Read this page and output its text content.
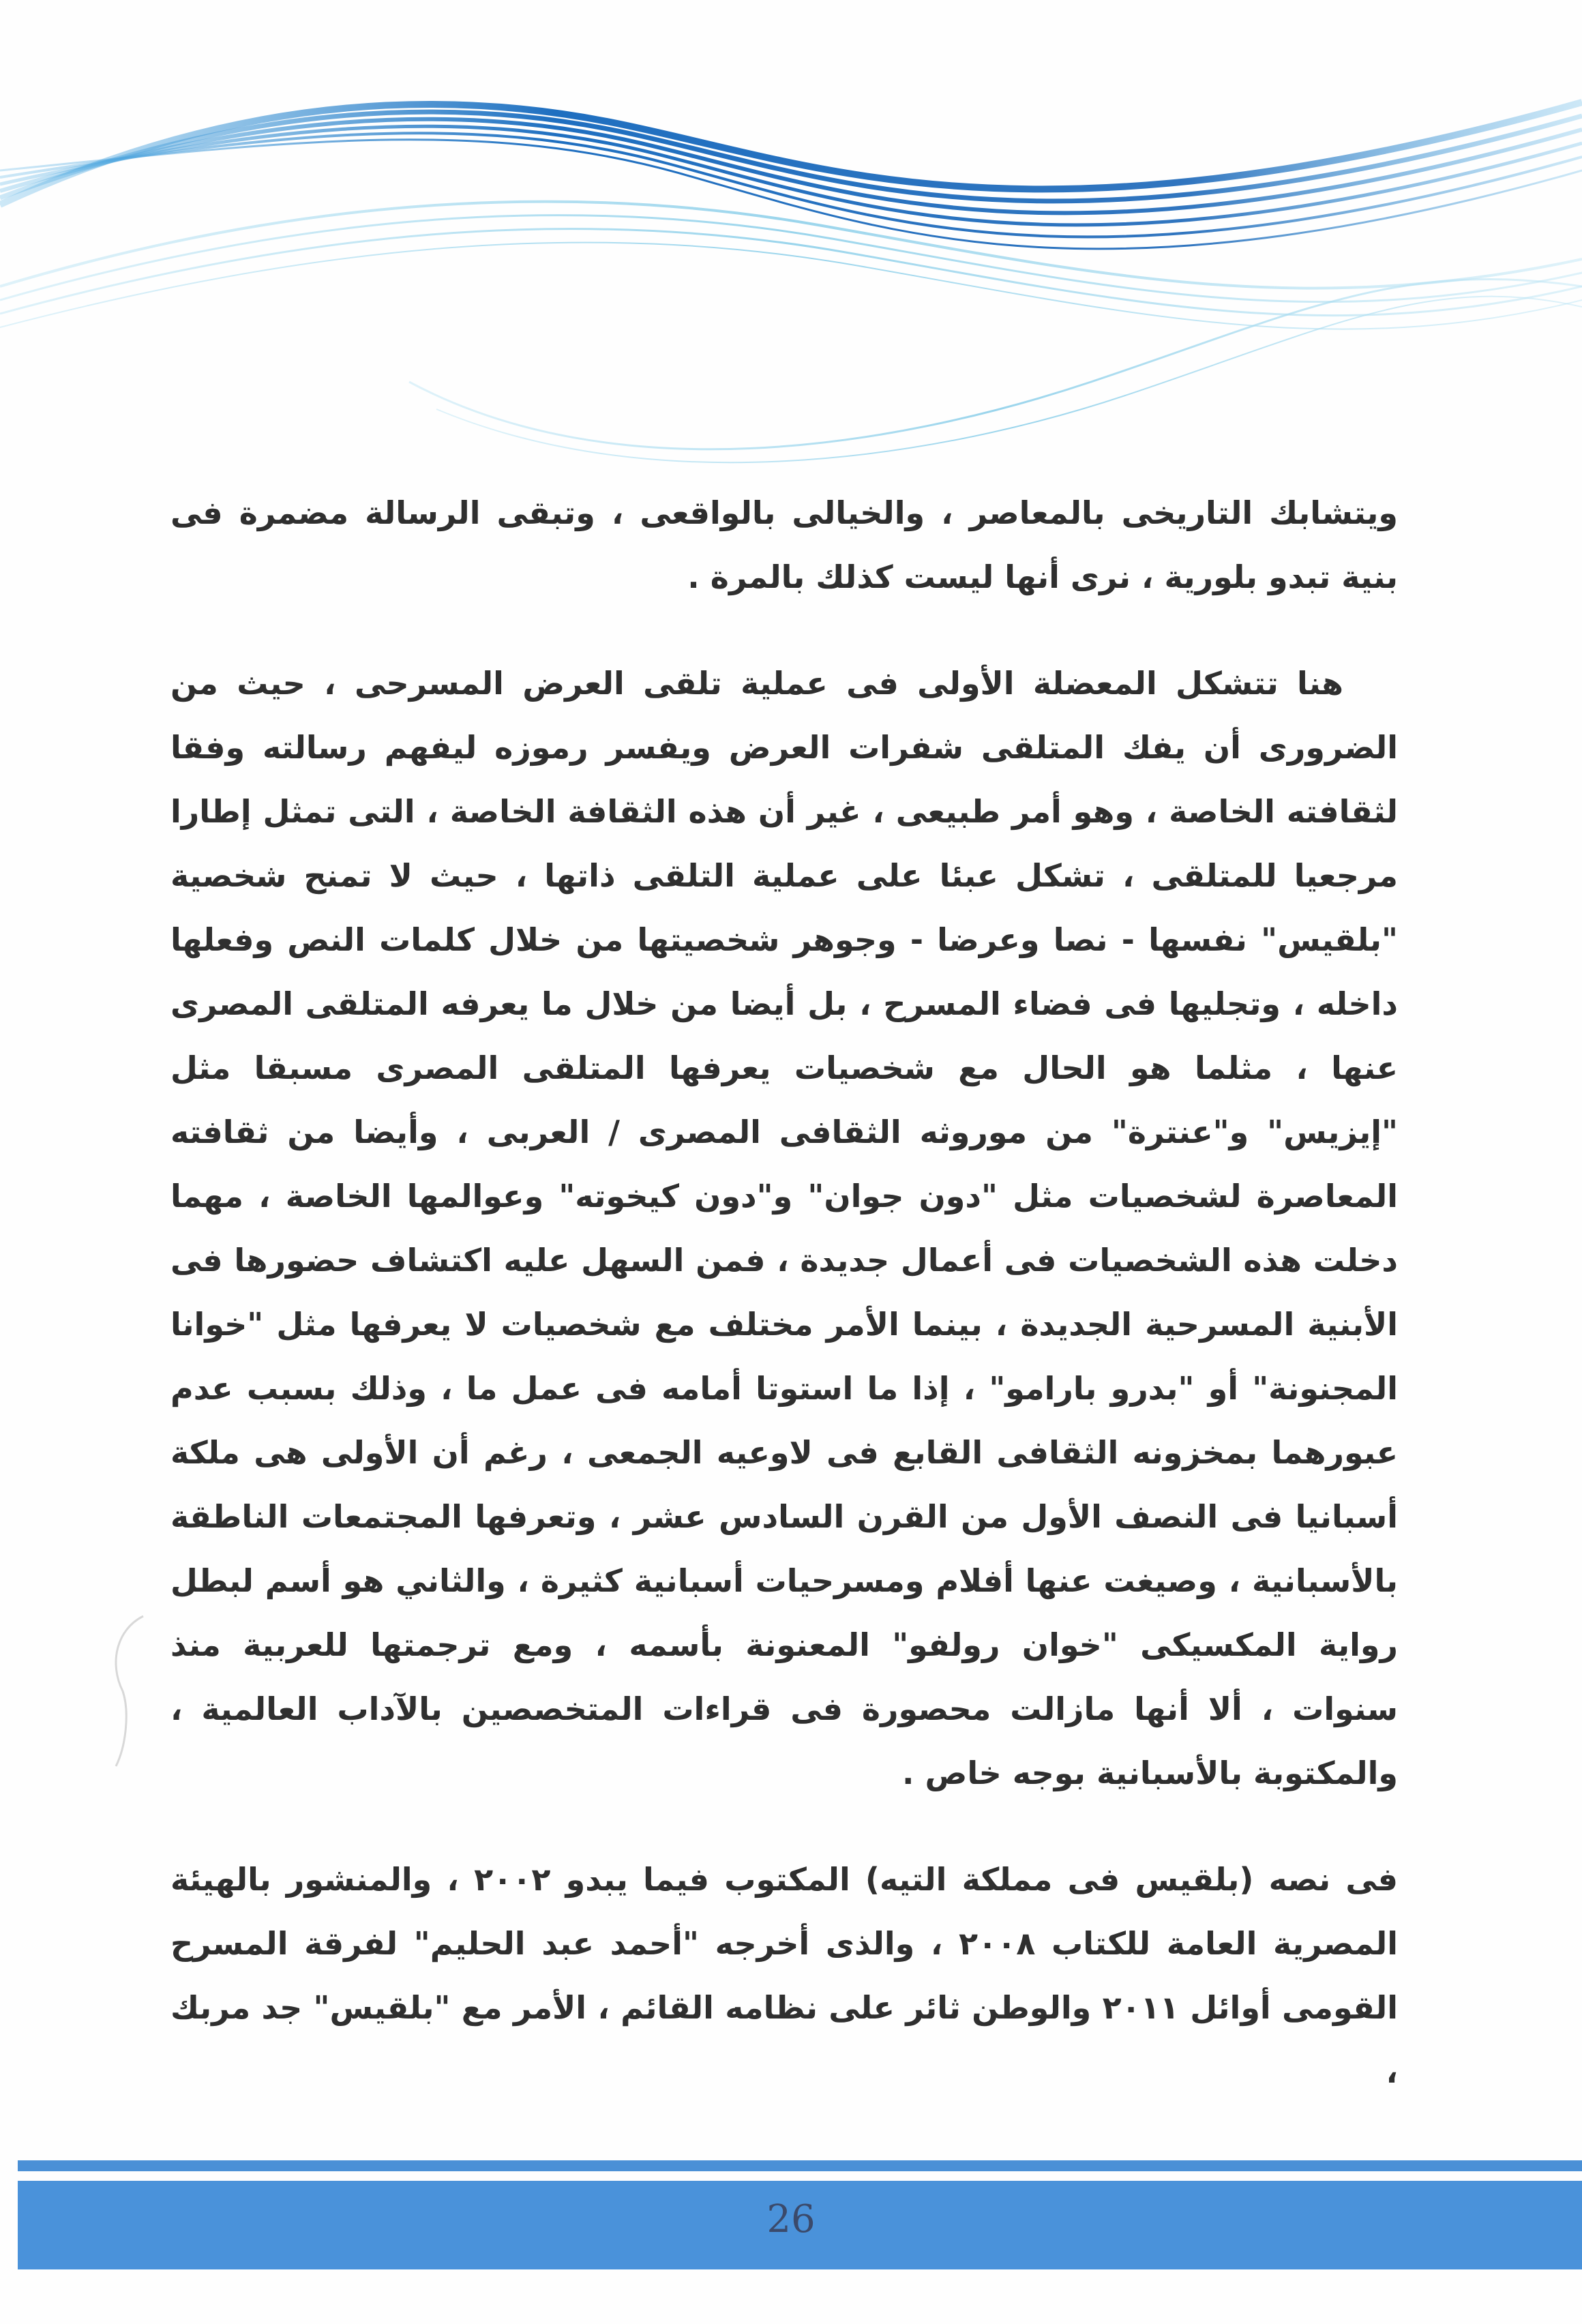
ويتشابك التاريخى بالمعاصر ، والخيالى بالواقعى ، وتبقى الرسالة مضمرة فى بنية تبدو بلورية ، نرى أنها ليست كذلك بالمرة .

هنا تتشكل المعضلة الأولى فى عملية تلقى العرض المسرحى ، حيث من الضرورى أن يفك المتلقى شفرات العرض ويفسر رموزه ليفهم رسالته وفقا لثقافته الخاصة ، وهو أمر طبيعى ، غير أن هذه الثقافة الخاصة ، التى تمثل إطارا مرجعيا للمتلقى ، تشكل عبئا على عملية التلقى ذاتها ، حيث لا تمنح شخصية "بلقيس" نفسها - نصا وعرضا - وجوهر شخصيتها من خلال كلمات النص وفعلها داخله ، وتجليها فى فضاء المسرح ، بل أيضا من خلال ما يعرفه المتلقى المصرى عنها ، مثلما هو الحال مع شخصيات يعرفها المتلقى المصرى مسبقا مثل "إيزيس" و"عنترة" من موروثه الثقافى المصرى / العربى ، وأيضا من ثقافته المعاصرة لشخصيات مثل "دون جوان" و"دون كيخوته" وعوالمها الخاصة ، مهما دخلت هذه الشخصيات فى أعمال جديدة ، فمن السهل عليه اكتشاف حضورها فى الأبنية المسرحية الجديدة ، بينما الأمر مختلف مع شخصيات لا يعرفها مثل "خوانا المجنونة" أو "بدرو بارامو" ، إذا ما استوتا أمامه فى عمل ما ، وذلك بسبب عدم عبورهما بمخزونه الثقافى القابع فى لاوعيه الجمعى ، رغم أن الأولى هى ملكة أسبانيا فى النصف الأول من القرن السادس عشر ، وتعرفها المجتمعات الناطقة بالأسبانية ، وصيغت عنها أفلام ومسرحيات أسبانية كثيرة ، والثاني هو أسم لبطل رواية المكسيكى "خوان رولفو" المعنونة بأسمه ، ومع ترجمتها للعربية منذ سنوات ، ألا أنها مازالت محصورة فى قراءات المتخصصين بالآداب العالمية ، والمكتوبة بالأسبانية بوجه خاص .

فى نصه (بلقيس فى مملكة التيه) المكتوب فيما يبدو ٢٠٠٢ ، والمنشور بالهيئة المصرية العامة للكتاب ٢٠٠٨ ، والذى أخرجه "أحمد عبد الحليم" لفرقة المسرح القومى أوائل ٢٠١١ والوطن ثائر على نظامه القائم ، الأمر مع "بلقيس" جد مربك ،

26
